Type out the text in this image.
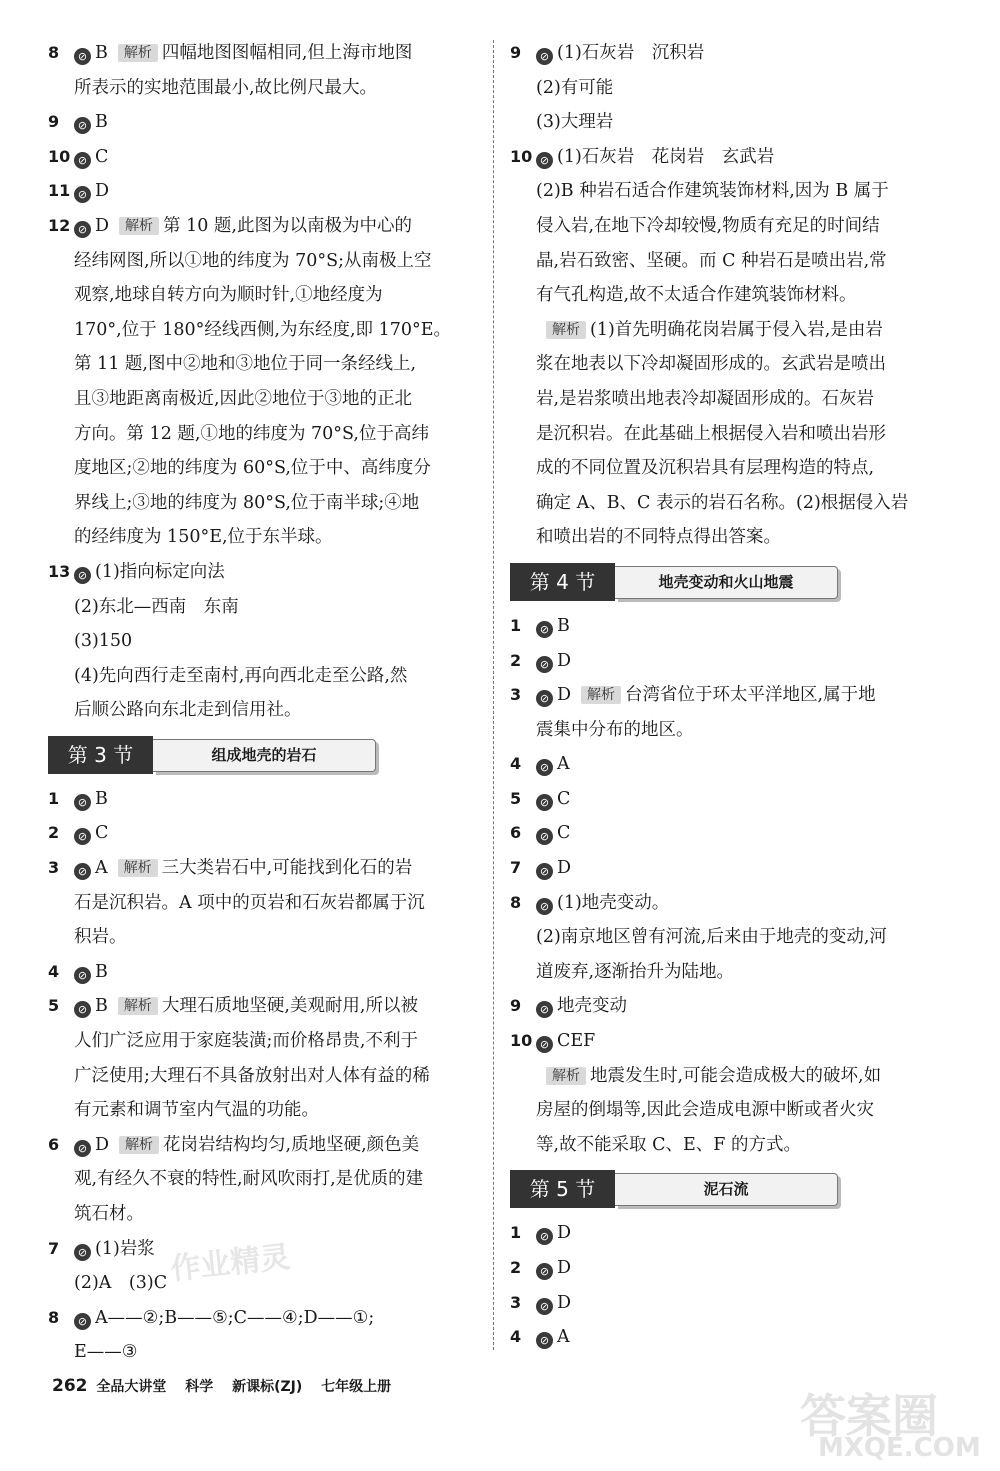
8 ⊘ B 解析 四幅地图图幅相同,但上海市地图
所表示的实地范围最小,故比例尺最大。
9 ⊘ B
10 ⊘ C
11 ⊘ D
12 ⊘ D 解析 第 10 题,此图为以南极为中心的
经纬网图,所以①地的纬度为 70°S;从南极上空
观察,地球自转方向为顺时针,①地经度为
170°,位于 180°经线西侧,为东经度,即 170°E。
第 11 题,图中②地和③地位于同一条经线上,
且③地距离南极近,因此②地位于③地的正北
方向。第 12 题,①地的纬度为 70°S,位于高纬
度地区;②地的纬度为 60°S,位于中、高纬度分
界线上;③地的纬度为 80°S,位于南半球;④地
的经纬度为 150°E,位于东半球。
13 ⊘ (1)指向标定向法
(2)东北—西南　东南
(3)150
(4)先向西行走至南村,再向西北走至公路,然
后顺公路向东北走到信用社。
第 3 节	组成地壳的岩石
1 ⊘ B
2 ⊘ C
3 ⊘ A 解析 三大类岩石中,可能找到化石的岩
石是沉积岩。A 项中的页岩和石灰岩都属于沉
积岩。
4 ⊘ B
5 ⊘ B 解析 大理石质地坚硬,美观耐用,所以被
人们广泛应用于家庭装潢;而价格昂贵,不利于
广泛使用;大理石不具备放射出对人体有益的稀
有元素和调节室内气温的功能。
6 ⊘ D 解析 花岗岩结构均匀,质地坚硬,颜色美
观,有经久不衰的特性,耐风吹雨打,是优质的建
筑石材。
7 ⊘ (1)岩浆
(2)A　(3)C
8 ⊘ A——②;B——⑤;C——④;D——①;
E——③
9 ⊘ (1)石灰岩　沉积岩
(2)有可能
(3)大理岩
10 ⊘ (1)石灰岩　花岗岩　玄武岩
(2)B 种岩石适合作建筑装饰材料,因为 B 属于
侵入岩,在地下冷却较慢,物质有充足的时间结
晶,岩石致密、坚硬。而 C 种岩石是喷出岩,常
有气孔构造,故不太适合作建筑装饰材料。
解析 (1)首先明确花岗岩属于侵入岩,是由岩
浆在地表以下冷却凝固形成的。玄武岩是喷出
岩,是岩浆喷出地表冷却凝固形成的。石灰岩
是沉积岩。在此基础上根据侵入岩和喷出岩形
成的不同位置及沉积岩具有层理构造的特点,
确定 A、B、C 表示的岩石名称。(2)根据侵入岩
和喷出岩的不同特点得出答案。
第 4 节	地壳变动和火山地震
1 ⊘ B
2 ⊘ D
3 ⊘ D 解析 台湾省位于环太平洋地区,属于地
震集中分布的地区。
4 ⊘ A
5 ⊘ C
6 ⊘ C
7 ⊘ D
8 ⊘ (1)地壳变动。
(2)南京地区曾有河流,后来由于地壳的变动,河
道废弃,逐渐抬升为陆地。
9 ⊘ 地壳变动
10 ⊘ CEF
解析 地震发生时,可能会造成极大的破坏,如
房屋的倒塌等,因此会造成电源中断或者火灾
等,故不能采取 C、E、F 的方式。
第 5 节	泥石流
1 ⊘ D
2 ⊘ D
3 ⊘ D
4 ⊘ A
作业精灵
答案圈
MXQE.COM
262 全品大讲堂 科学 新课标(ZJ) 七年级上册
